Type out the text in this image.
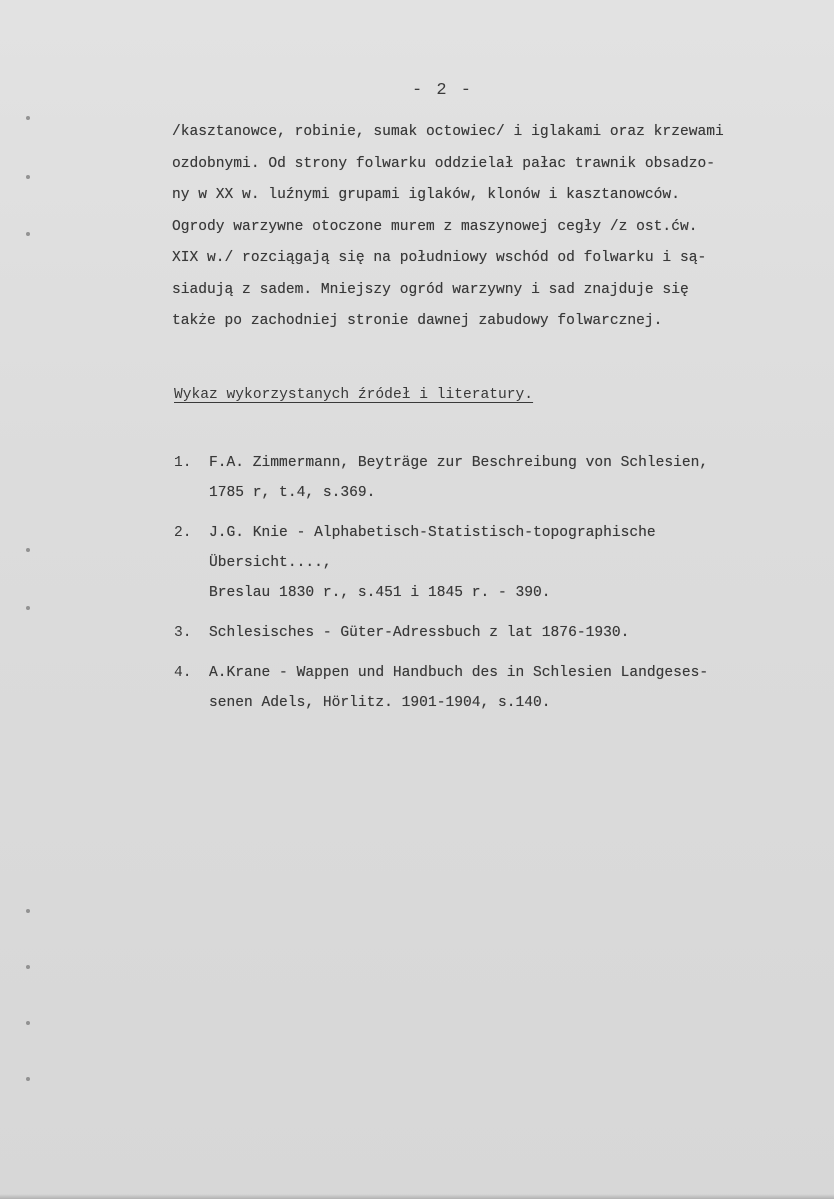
- 2 -
/kasztanowce, robinie, sumak octowiec/ i iglakami oraz krzewami
ozdobnymi. Od strony folwarku oddzielał pałac trawnik obsadzo-
ny w XX w. luźnymi grupami iglaków, klonów i kasztanowców.
Ogrody warzywne otoczone murem z maszynowej cegły /z ost.ćw.
XIX w./ rozciągają się na południowy wschód od folwarku i są-
siadują z sadem. Mniejszy ogród warzywny i sad znajduje się
także po zachodniej stronie dawnej zabudowy folwarcznej.
Wykaz wykorzystanych źródeł i literatury.
1. F.A. Zimmermann, Beyträge zur Beschreibung von Schlesien,
1785 r, t.4, s.369.
2. J.G. Knie - Alphabetisch-Statistisch-topographische
Übersicht....,
Breslau 1830 r., s.451 i 1845 r. - 390.
3. Schlesisches - Güter-Adressbuch z lat 1876-1930.
4. A.Krane - Wappen und Handbuch des in Schlesien Landgeses-
senen Adels, Hörlitz. 1901-1904, s.140.
